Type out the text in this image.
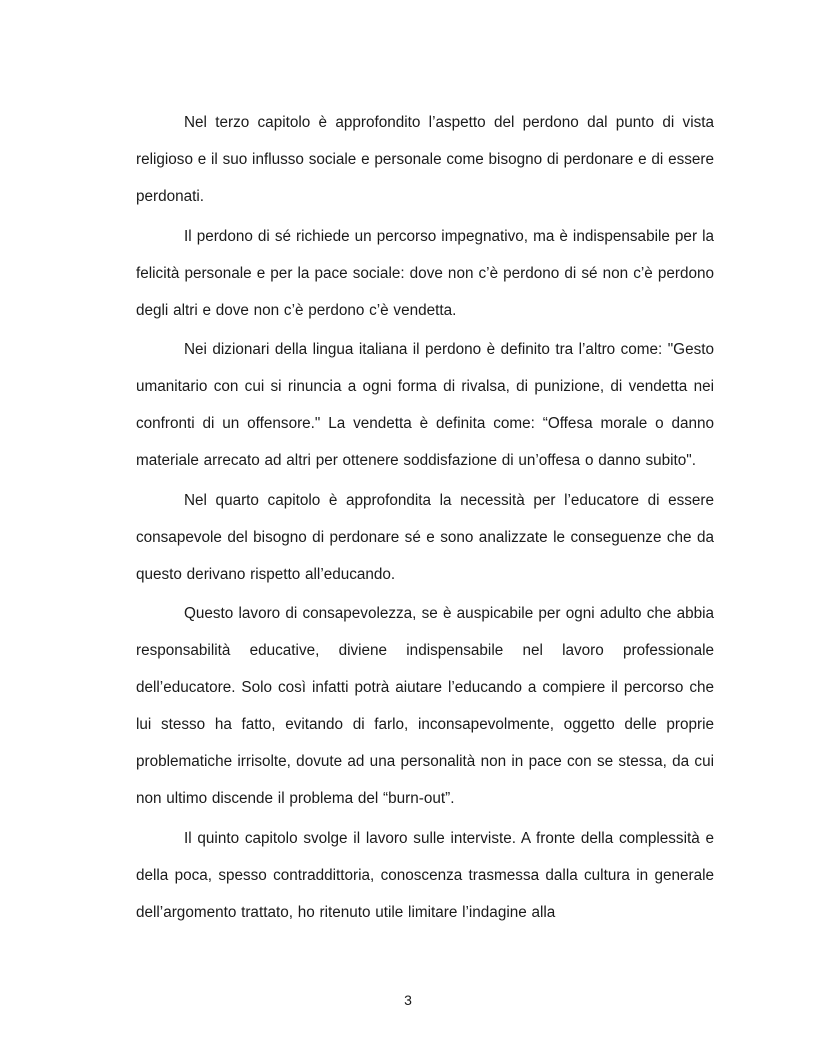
Nel terzo capitolo è approfondito l’aspetto del perdono dal punto di vista religioso e il suo influsso sociale e personale come bisogno di perdonare e di essere perdonati.

Il perdono di sé richiede un percorso impegnativo, ma è indispensabile per la felicità personale e per la pace sociale: dove non c’è perdono di sé non c’è perdono degli altri e dove non c’è perdono c’è vendetta.

Nei dizionari della lingua italiana il perdono è definito tra l’altro come: "Gesto umanitario con cui si rinuncia a ogni forma di rivalsa, di punizione, di vendetta nei confronti di un offensore." La vendetta è definita come: “Offesa morale o danno materiale arrecato ad altri per ottenere soddisfazione di un’offesa o danno subito".

Nel quarto capitolo è approfondita la necessità per l’educatore di essere consapevole del bisogno di perdonare sé e sono analizzate le conseguenze che da questo derivano rispetto all’educando.

Questo lavoro di consapevolezza, se è auspicabile per ogni adulto che abbia responsabilità educative, diviene indispensabile nel lavoro professionale dell’educatore. Solo così infatti potrà aiutare l’educando a compiere il percorso che lui stesso ha fatto, evitando di farlo, inconsapevolmente, oggetto delle proprie problematiche irrisolte, dovute ad una personalità non in pace con se stessa, da cui non ultimo discende il problema del “burn-out”.

Il quinto capitolo svolge il lavoro sulle interviste. A fronte della complessità e della poca, spesso contraddittoria, conoscenza trasmessa dalla cultura in generale dell’argomento trattato, ho ritenuto utile limitare l’indagine alla

3
